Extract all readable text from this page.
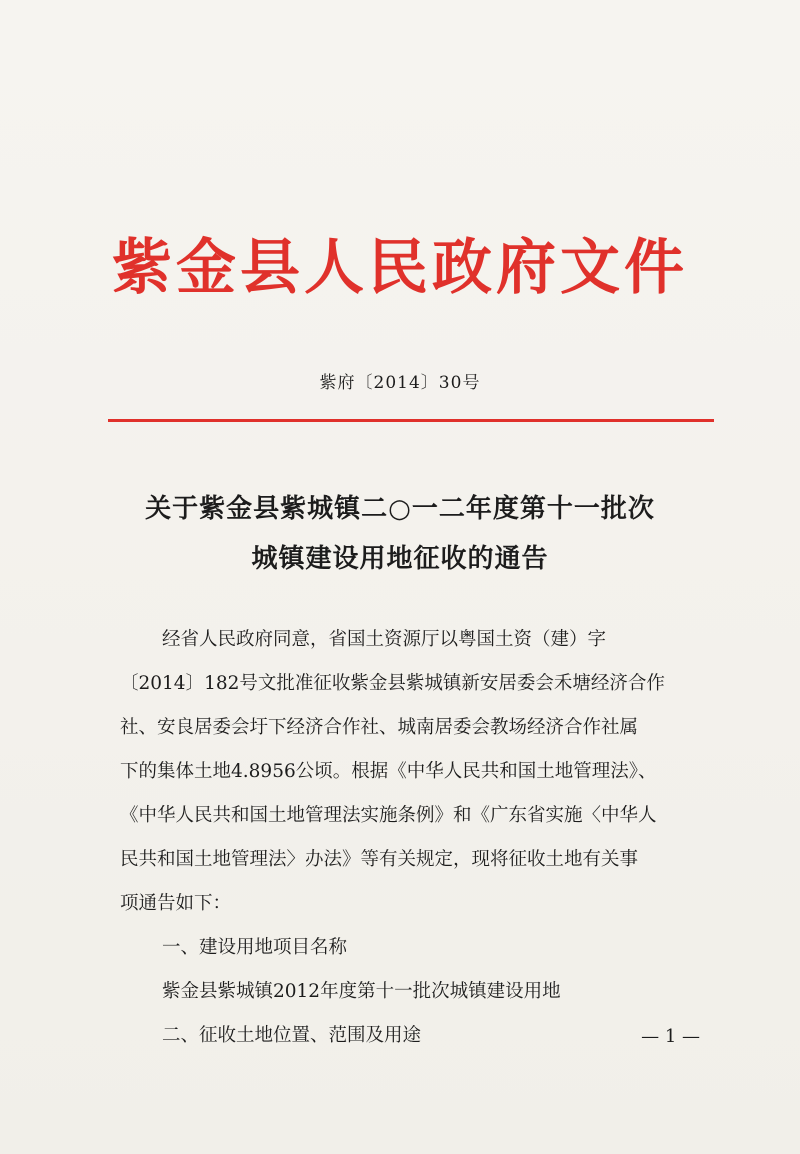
紫金县人民政府文件
紫府〔2014〕30号
关于紫金县紫城镇二○一二年度第十一批次
城镇建设用地征收的通告

经省人民政府同意，省国土资源厅以粤国土资（建）字

〔2014〕182号文批准征收紫金县紫城镇新安居委会禾塘经济合作

社、安良居委会圩下经济合作社、城南居委会教场经济合作社属

下的集体土地4.8956公顷。根据《中华人民共和国土地管理法》、

《中华人民共和国土地管理法实施条例》和《广东省实施〈中华人

民共和国土地管理法〉办法》等有关规定，现将征收土地有关事

项通告如下：

一、建设用地项目名称

紫金县紫城镇2012年度第十一批次城镇建设用地

二、征收土地位置、范围及用途	— 1 —
